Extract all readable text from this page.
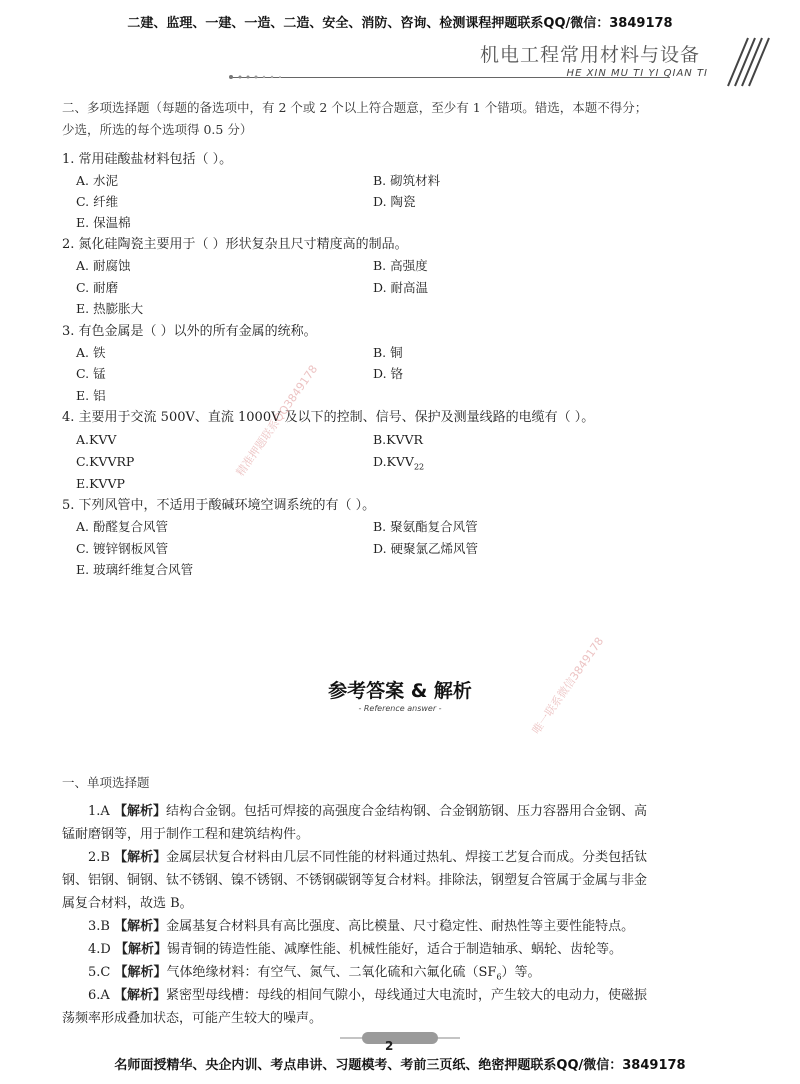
二建、监理、一建、一造、二造、安全、消防、咨询、检测课程押题联系QQ/微信：3849178
机电工程常用材料与设备
HE XIN MU TI YI QIAN TI
二、多项选择题（每题的备选项中，有 2 个或 2 个以上符合题意，至少有 1 个错项。错选，本题不得分；
少选，所选的每个选项得 0.5 分）
1. 常用硅酸盐材料包括（ ）。
A. 水泥	B. 砌筑材料
C. 纤维	D. 陶瓷
E. 保温棉
2. 氮化硅陶瓷主要用于（ ）形状复杂且尺寸精度高的制品。
A. 耐腐蚀	B. 高强度
C. 耐磨	D. 耐高温
E. 热膨胀大
3. 有色金属是（ ）以外的所有金属的统称。
A. 铁	B. 铜
C. 锰	D. 铬
E. 铝
4. 主要用于交流 500V、直流 1000V 及以下的控制、信号、保护及测量线路的电缆有（ ）。
A.KVV	B.KVVR
C.KVVRP	$D.KVV_{22}$
E.KVVP
5. 下列风管中，不适用于酸碱环境空调系统的有（ ）。
A. 酚醛复合风管	B. 聚氨酯复合风管
C. 镀锌钢板风管	D. 硬聚氯乙烯风管
E. 玻璃纤维复合风管
精准押题联系QQ3849178
唯一联系微信3849178
参考答案 & 解析
- Reference answer -
一、单项选择题
1.A 【解析】结构合金钢。包括可焊接的高强度合金结构钢、合金钢筋钢、压力容器用合金钢、高
锰耐磨钢等，用于制作工程和建筑结构件。
2.B 【解析】金属层状复合材料由几层不同性能的材料通过热轧、焊接工艺复合而成。分类包括钛
钢、铝钢、铜钢、钛不锈钢、镍不锈钢、不锈钢碳钢等复合材料。排除法，钢塑复合管属于金属与非金
属复合材料，故选 B。
3.B 【解析】金属基复合材料具有高比强度、高比模量、尺寸稳定性、耐热性等主要性能特点。
4.D 【解析】锡青铜的铸造性能、减摩性能、机械性能好，适合于制造轴承、蜗轮、齿轮等。
5.C 【解析】气体绝缘材料：有空气、氮气、二氧化硫和六氟化硫$(SF_6)$等。
6.A 【解析】紧密型母线槽：母线的相间气隙小，母线通过大电流时，产生较大的电动力，使磁振
荡频率形成叠加状态，可能产生较大的噪声。
2
名师面授精华、央企内训、考点串讲、习题模考、考前三页纸、绝密押题联系QQ/微信：3849178
